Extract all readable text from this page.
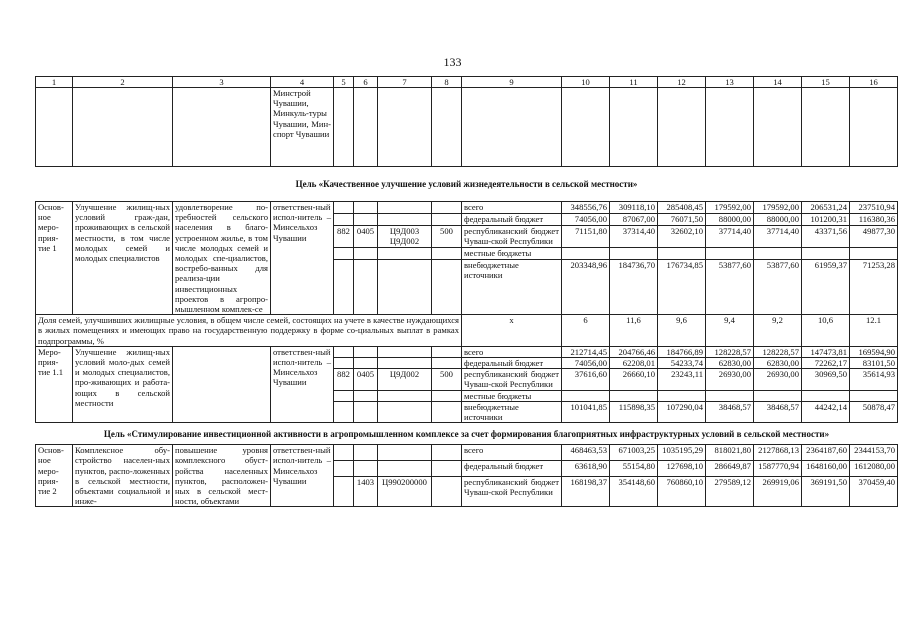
133
1	2	3	4	5	6	7	8	9	10	11	12	13	14	15	16
			Минстрой Чувашии, Минкуль-туры Чувашии, Мин-спорт Чувашии												
Цель «Качественное улучшение условий жизнедеятельности в сельской местности»															
Основ-ное меро-прия-тие 1	Улучшение жилищ-ных условий граж-дан, проживающих в сельской местности, в том числе молодых семей и молодых специалистов	удовлетворение по-требностей сельского населения в благо-устроенном жилье, в том числе молодых семей и молодых спе-циалистов, востребо-ванных для реализа-ции инвестиционных проектов в агропро-мышленном комплек-се	ответствен-ный испол-нитель – Минсельхоз Чувашии					всего	348556,76	309118,10	285408,45	179592,00	179592,00	206531,24	237510,94
								федеральный бюджет	74056,00	87067,00	76071,50	88000,00	88000,00	101200,31	116380,36
				882	0405	Ц9Д003 Ц9Д002	500	республиканский бюджет Чуваш-ской Республики	71151,80	37314,40	32602,10	37714,40	37714,40	43371,56	49877,30
								местные бюджеты							
								внебюджетные источники	203348,96	184736,70	176734,85	53877,60	53877,60	61959,37	71253,28
Доля семей, улучшивших жилищные условия, в общем числе семей, состоящих на учете в качестве нуждающихся в жилых помещениях и имеющих право на государственную поддержку в форме со-циальных выплат в рамках подпрограммы, %								x	6	11,6	9,6	9,4	9,2	10,6	12.1
Меро-прия-тие 1.1	Улучшение жилищ-ных условий моло-дых семей и молодых специалистов, про-живающих и работа-ющих в сельской местности		ответствен-ный испол-нитель – Минсельхоз Чувашии					всего	212714,45	204766,46	184766,89	128228,57	128228,57	147473,81	169594,90
								федеральный бюджет	74056,00	62208,01	54233,74	62830,00	62830,00	72262,17	83101,50
				882	0405	Ц9Д002	500	республиканский бюджет Чуваш-ской Республики	37616,60	26660,10	23243,11	26930,00	26930,00	30969,50	35614,93
								местные бюджеты							
								внебюджетные источники	101041,85	115898,35	107290,04	38468,57	38468,57	44242,14	50878,47
Цель «Стимулирование инвестиционной активности в агропромышленном комплексе за счет формирования благоприятных инфраструктурных условий в сельской местности»															
Основ-ное меро-прия-тие 2	Комплексное обу-стройство населен-ных пунктов, распо-ложенных в сельской местности, объектами социальной и инже-	повышение уровня комплексного обуст-ройства населенных пунктов, расположен-ных в сельской мест-ности, объектами	ответствен-ный испол-нитель – Минсельхоз Чувашии					всего	468463,53	671003,25	1035195,29	818021,80	2127868,13	2364187,60	2344153,70
								федеральный бюджет	63618,90	55154,80	127698,10	286649,87	1587770,94	1648160,00	1612080,00
					1403	Ц990200000		республиканский бюджет Чуваш-ской Республики	168198,37	354148,60	760860,10	279589,12	269919,06	369191,50	370459,40
